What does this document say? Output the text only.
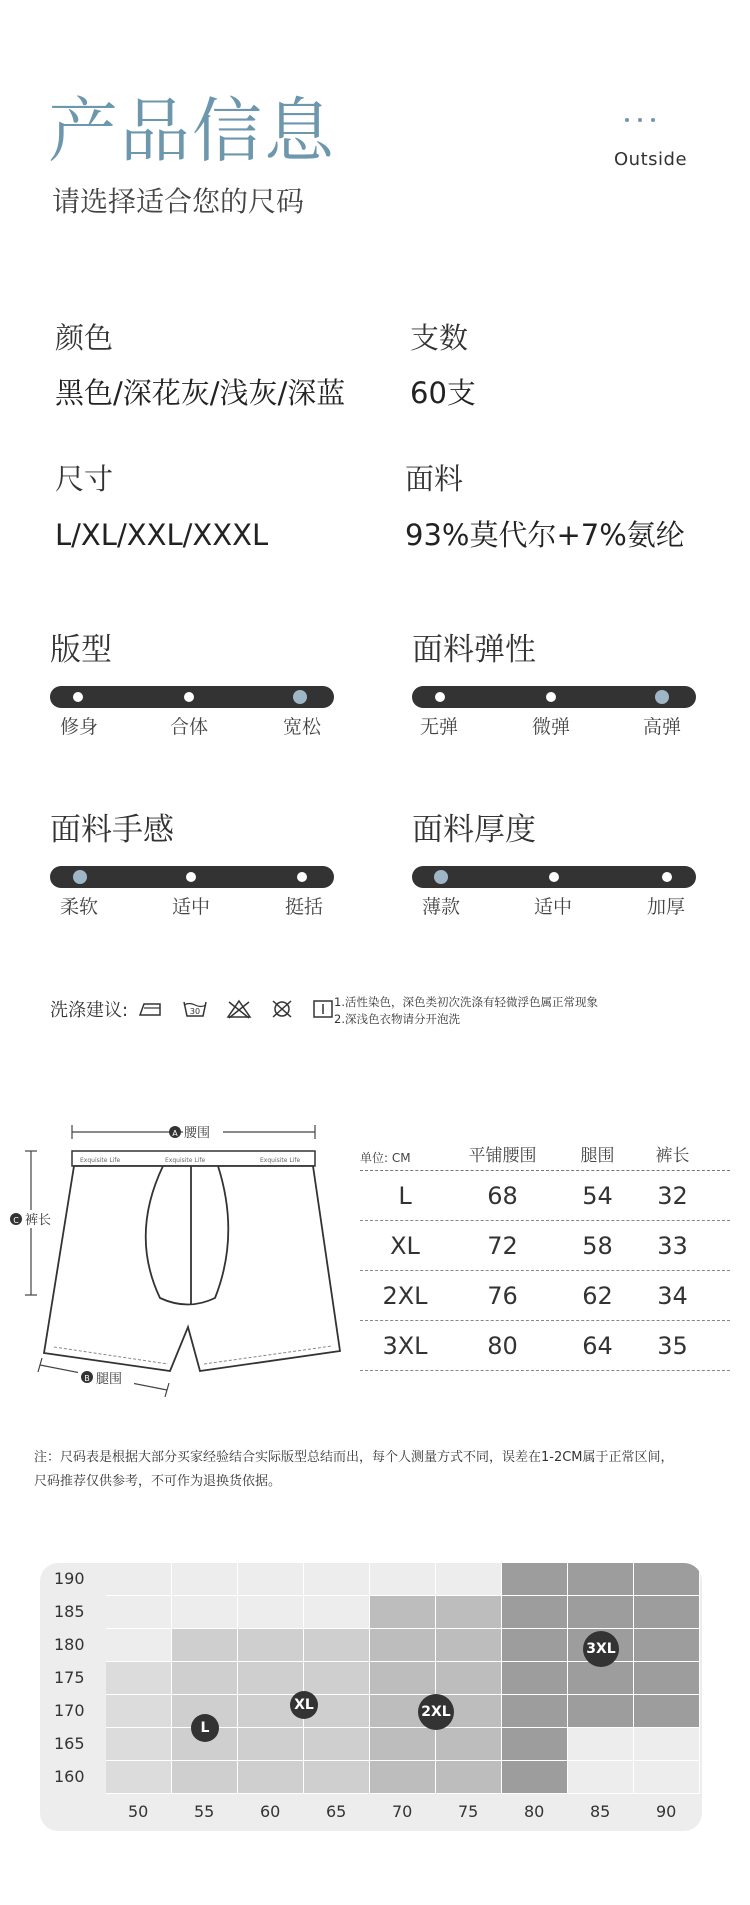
产品信息
请选择适合您的尺码
Outside
颜色
黑色/深花灰/浅灰/深蓝
支数
60支
尺寸
L/XL/XXL/XXXL
面料
93%莫代尔+7%氨纶
版型
修身	合体	宽松
面料弹性
无弹	微弹	高弹
面料手感
柔软	适中	挺括
面料厚度
薄款	适中	加厚
洗涤建议:	30
1.活性染色，深色类初次洗涤有轻微浮色属正常现象
2.深浅色衣物请分开泡洗
A 腰围
Exquisite Life	Exquisite Life	Exquisite Life
C 裤长
B 腿围
单位: CM	平铺腰围	腿围	裤长
L	68	54	32
XL	72	58	33
2XL	76	62	34
3XL	80	64	35
注：尺码表是根据大部分买家经验结合实际版型总结而出，每个人测量方式不同，误差在1-2CM属于正常区间，
尺码推荐仅供参考，不可作为退换货依据。
190
185
180
175
170
165
160
50	55	60	65	70	75	80	85	90
L
XL	2XL
3XL
